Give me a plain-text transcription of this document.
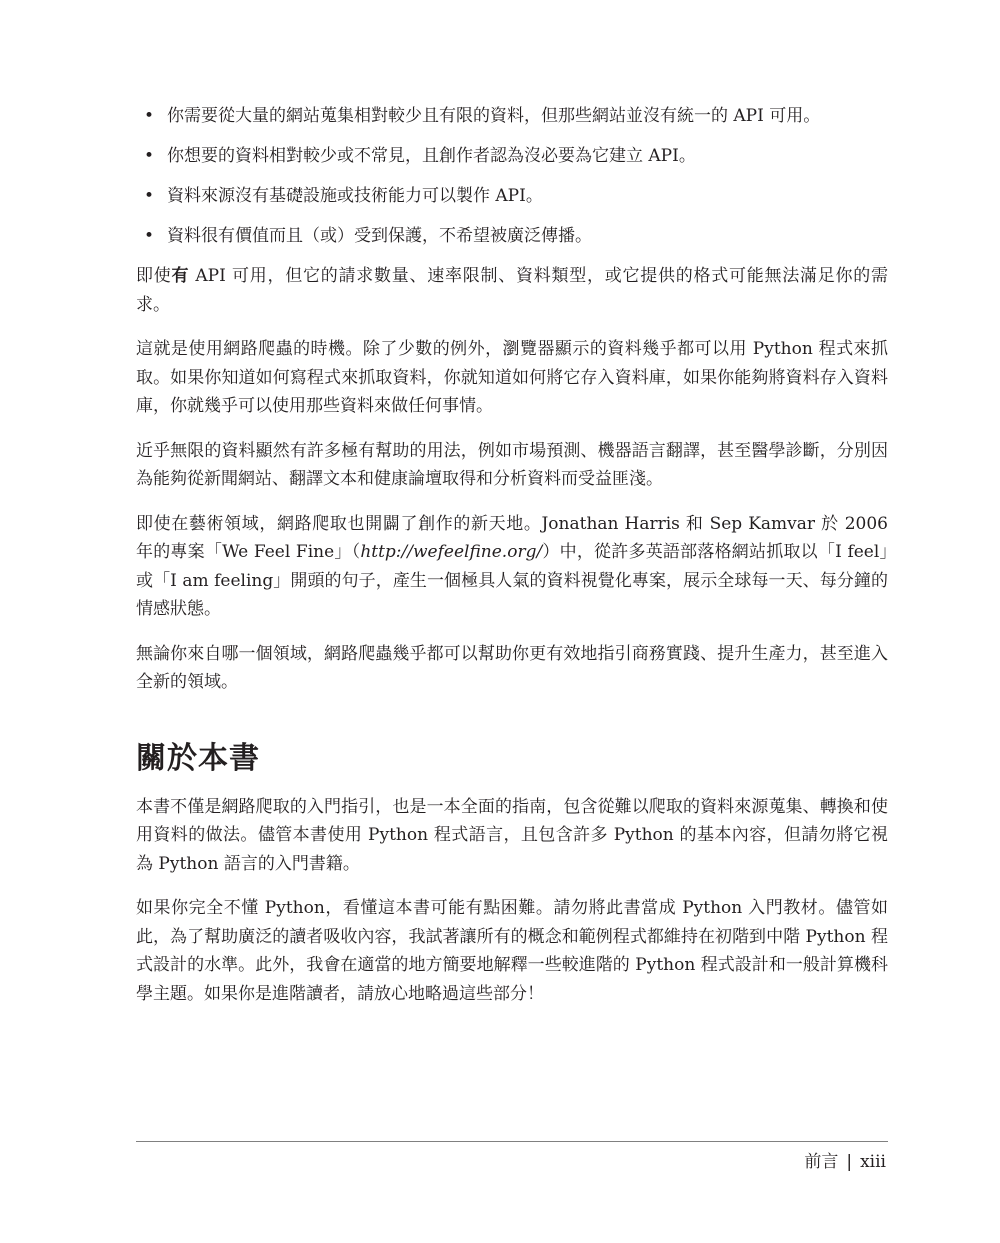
• 你需要從大量的網站蒐集相對較少且有限的資料，但那些網站並沒有統一的 API 可用。
• 你想要的資料相對較少或不常見，且創作者認為沒必要為它建立 API。
• 資料來源沒有基礎設施或技術能力可以製作 API。
• 資料很有價值而且（或）受到保護，不希望被廣泛傳播。

即使有 API 可用，但它的請求數量、速率限制、資料類型，或它提供的格式可能無法滿足你的需求。

這就是使用網路爬蟲的時機。除了少數的例外，瀏覽器顯示的資料幾乎都可以用 Python 程式來抓取。如果你知道如何寫程式來抓取資料，你就知道如何將它存入資料庫，如果你能夠將資料存入資料庫，你就幾乎可以使用那些資料來做任何事情。

近乎無限的資料顯然有許多極有幫助的用法，例如市場預測、機器語言翻譯，甚至醫學診斷，分別因為能夠從新聞網站、翻譯文本和健康論壇取得和分析資料而受益匪淺。

即使在藝術領域，網路爬取也開闢了創作的新天地。Jonathan Harris 和 Sep Kamvar 於 2006 年的專案「We Feel Fine」（http://wefeelfine.org/）中，從許多英語部落格網站抓取以「I feel」或「I am feeling」開頭的句子，產生一個極具人氣的資料視覺化專案，展示全球每一天、每分鐘的情感狀態。

無論你來自哪一個領域，網路爬蟲幾乎都可以幫助你更有效地指引商務實踐、提升生產力，甚至進入全新的領域。

關於本書

本書不僅是網路爬取的入門指引，也是一本全面的指南，包含從難以爬取的資料來源蒐集、轉換和使用資料的做法。儘管本書使用 Python 程式語言，且包含許多 Python 的基本內容，但請勿將它視為 Python 語言的入門書籍。

如果你完全不懂 Python，看懂這本書可能有點困難。請勿將此書當成 Python 入門教材。儘管如此，為了幫助廣泛的讀者吸收內容，我試著讓所有的概念和範例程式都維持在初階到中階 Python 程式設計的水準。此外，我會在適當的地方簡要地解釋一些較進階的 Python 程式設計和一般計算機科學主題。如果你是進階讀者，請放心地略過這些部分！

前言 | xiii
